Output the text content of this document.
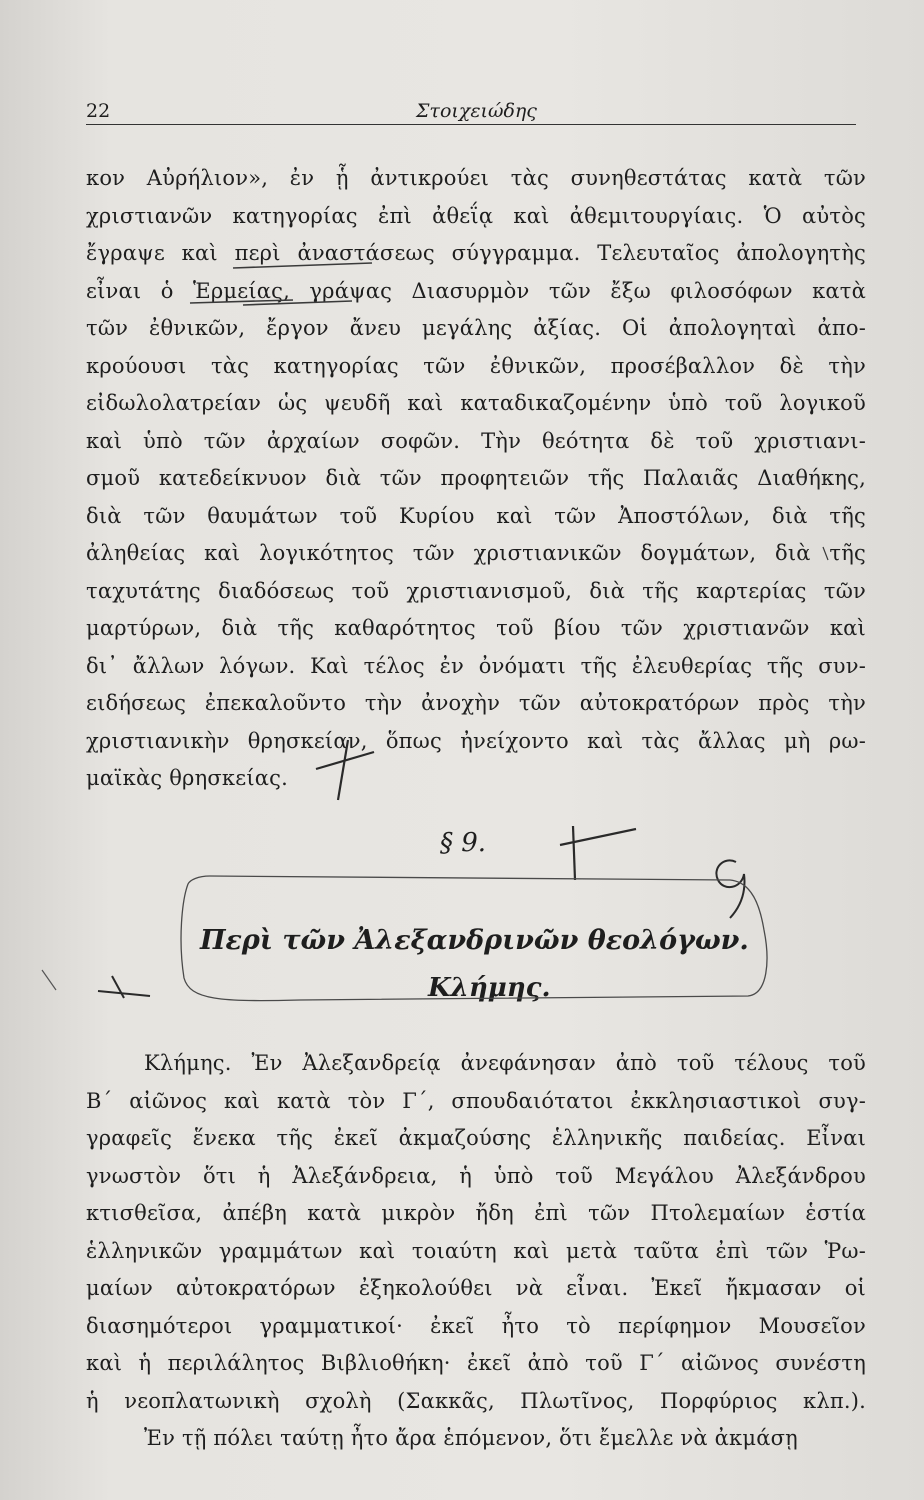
22	Στοιχειώδης
κον Αὐρήλιον», ἐν ᾗ ἀντικρούει τὰς συνηθεστάτας κατὰ τῶν
χριστιανῶν κατηγορίας ἐπὶ ἀθεΐᾳ καὶ ἀθεμιτουργίαις. Ὁ αὐτὸς
ἔγραψε καὶ περὶ ἀναστάσεως σύγγραμμα. Τελευταῖος ἀπολογητὴς
εἶναι ὁ Ἑρμείας, γράψας Διασυρμὸν τῶν ἔξω φιλοσόφων κατὰ
τῶν ἐθνικῶν, ἔργον ἄνευ μεγάλης ἀξίας. Οἱ ἀπολογηταὶ ἀπο-
κρούουσι τὰς κατηγορίας τῶν ἐθνικῶν, προσέβαλλον δὲ τὴν
εἰδωλολατρείαν ὡς ψευδῆ καὶ καταδικαζομένην ὑπὸ τοῦ λογικοῦ
καὶ ὑπὸ τῶν ἀρχαίων σοφῶν. Τὴν θεότητα δὲ τοῦ χριστιανι-
σμοῦ κατεδείκνυον διὰ τῶν προφητειῶν τῆς Παλαιᾶς Διαθήκης,
διὰ τῶν θαυμάτων τοῦ Κυρίου καὶ τῶν Ἀποστόλων, διὰ τῆς
ἀληθείας καὶ λογικότητος τῶν χριστιανικῶν δογμάτων, διὰ τῆς
ταχυτάτης διαδόσεως τοῦ χριστιανισμοῦ, διὰ τῆς καρτερίας τῶν
μαρτύρων, διὰ τῆς καθαρότητος τοῦ βίου τῶν χριστιανῶν καὶ
δι᾿ ἄλλων λόγων. Καὶ τέλος ἐν ὀνόματι τῆς ἐλευθερίας τῆς συν-
ειδήσεως ἐπεκαλοῦντο τὴν ἀνοχὴν τῶν αὐτοκρατόρων πρὸς τὴν
χριστιανικὴν θρησκείαν, ὅπως ἠνείχοντο καὶ τὰς ἄλλας μὴ ρω-
μαϊκὰς θρησκείας.
§ 9.
Περὶ τῶν Ἀλεξανδρινῶν θεολόγων.
Κλήμης.
Κλήμης. Ἐν Ἀλεξανδρείᾳ ἀνεφάνησαν ἀπὸ τοῦ τέλους τοῦ
Β΄ αἰῶνος καὶ κατὰ τὸν Γ΄, σπουδαιότατοι ἐκκλησιαστικοὶ συγ-
γραφεῖς ἕνεκα τῆς ἐκεῖ ἀκμαζούσης ἑλληνικῆς παιδείας. Εἶναι
γνωστὸν ὅτι ἡ Ἀλεξάνδρεια, ἡ ὑπὸ τοῦ Μεγάλου Ἀλεξάνδρου
κτισθεῖσα, ἀπέβη κατὰ μικρὸν ἤδη ἐπὶ τῶν Πτολεμαίων ἑστία
ἑλληνικῶν γραμμάτων καὶ τοιαύτη καὶ μετὰ ταῦτα ἐπὶ τῶν Ῥω-
μαίων αὐτοκρατόρων ἐξηκολούθει νὰ εἶναι. Ἐκεῖ ἤκμασαν οἱ
διασημότεροι γραμματικοί· ἐκεῖ ἦτο τὸ περίφημον Μουσεῖον
καὶ ἡ περιλάλητος Βιβλιοθήκη· ἐκεῖ ἀπὸ τοῦ Γ΄ αἰῶνος συνέστη
ἡ νεοπλατωνικὴ σχολὴ (Σακκᾶς, Πλωτῖνος, Πορφύριος κλπ.).
Ἐν τῇ πόλει ταύτῃ ἦτο ἄρα ἑπόμενον, ὅτι ἔμελλε νὰ ἀκμάσῃ
